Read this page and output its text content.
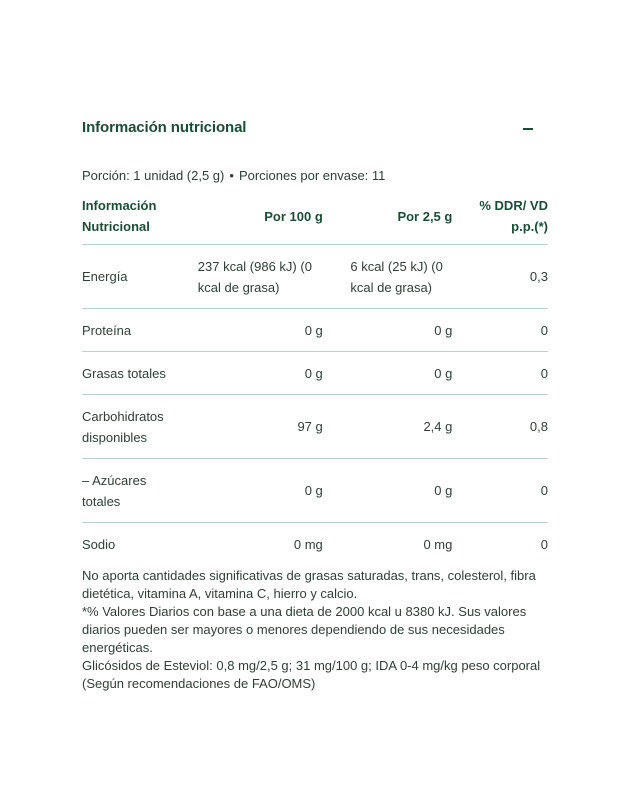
Información nutricional
Porción: 1 unidad (2,5 g) • Porciones por envase: 11
Información Nutricional	Por 100 g	Por 2,5 g	% DDR/ VD p.p.(*)
Energía	237 kcal (986 kJ) (0 kcal de grasa)	6 kcal (25 kJ) (0 kcal de grasa)	0,3
Proteína	0 g	0 g	0
Grasas totales	0 g	0 g	0
Carbohidratos disponibles	97 g	2,4 g	0,8
– Azúcares totales	0 g	0 g	0
Sodio	0 mg	0 mg	0

No aporta cantidades significativas de grasas saturadas, trans, colesterol, fibra dietética, vitamina A, vitamina C, hierro y calcio.

*% Valores Diarios con base a una dieta de 2000 kcal u 8380 kJ. Sus valores diarios pueden ser mayores o menores dependiendo de sus necesidades energéticas.

Glicósidos de Esteviol: 0,8 mg/2,5 g; 31 mg/100 g; IDA 0-4 mg/kg peso corporal (Según recomendaciones de FAO/OMS)
